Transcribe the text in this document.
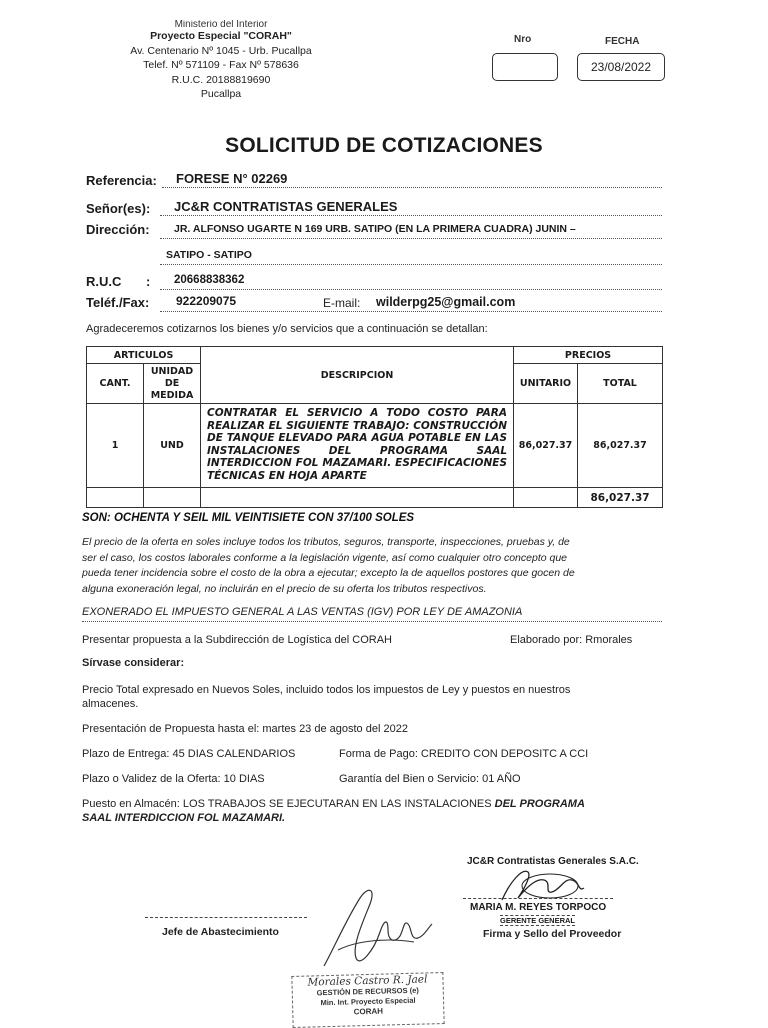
Ministerio del Interior
Proyecto Especial "CORAH"
Av. Centenario Nº 1045 - Urb. Pucallpa
Telef. Nº 571109 - Fax Nº 578636
R.U.C. 20188819690
Pucallpa
Nro	FECHA
23/08/2022
SOLICITUD DE COTIZACIONES
Referencia: FORESE N° 02269
Señor(es): JC&R CONTRATISTAS GENERALES
Dirección: JR. ALFONSO UGARTE N 169 URB. SATIPO (EN LA PRIMERA CUADRA) JUNIN –
SATIPO - SATIPO
R.U.C : 20668838362
Teléf./Fax: 922209075	E-mail: wilderpg25@gmail.com
Agradeceremos cotizarnos los bienes y/o servicios que a continuación se detallan:
ARTICULOS		DESCRIPCION	PRECIOS	
CANT.	UNIDAD DE MEDIDA		UNITARIO	TOTAL
1	UND	CONTRATAR EL SERVICIO A TODO COSTO PARA REALIZAR EL SIGUIENTE TRABAJO: CONSTRUCCIÓN DE TANQUE ELEVADO PARA AGUA POTABLE EN LAS INSTALACIONES DEL PROGRAMA SAAL INTERDICCION FOL MAZAMARI. ESPECIFICACIONES TÉCNICAS EN HOJA APARTE	86,027.37	86,027.37
				86,027.37
SON: OCHENTA Y SEIL MIL VEINTISIETE CON 37/100 SOLES
El precio de la oferta en soles incluye todos los tributos, seguros, transporte, inspecciones, pruebas y, de
ser el caso, los costos laborales conforme a la legislación vigente, así como cualquier otro concepto que
pueda tener incidencia sobre el costo de la obra a ejecutar; excepto la de aquellos postores que gocen de
alguna exoneración legal, no incluirán en el precio de su oferta los tributos respectivos.
EXONERADO EL IMPUESTO GENERAL A LAS VENTAS (IGV) POR LEY DE AMAZONIA
Presentar propuesta a la Subdirección de Logística del CORAH	Elaborado por: Rmorales
Sírvase considerar:
Precio Total expresado en Nuevos Soles, incluido todos los impuestos de Ley y puestos en nuestros
almacenes.
Presentación de Propuesta hasta el: martes 23 de agosto del 2022
Plazo de Entrega: 45 DIAS CALENDARIOS	Forma de Pago: CREDITO CON DEPOSITC A CCI
Plazo o Validez de la Oferta: 10 DIAS	Garantía del Bien o Servicio: 01 AÑO
Puesto en Almacén: LOS TRABAJOS SE EJECUTARAN EN LAS INSTALACIONES DEL PROGRAMA
SAAL INTERDICCION FOL MAZAMARI.
Jefe de Abastecimiento
Morales Castro R. Jael
GESTIÓN DE RECURSOS (e)
Min. Int. Proyecto Especial
CORAH
JC&R Contratistas Generales S.A.C.
MARIA M. REYES TORPOCO
GERENTE GENERAL
Firma y Sello del Proveedor
